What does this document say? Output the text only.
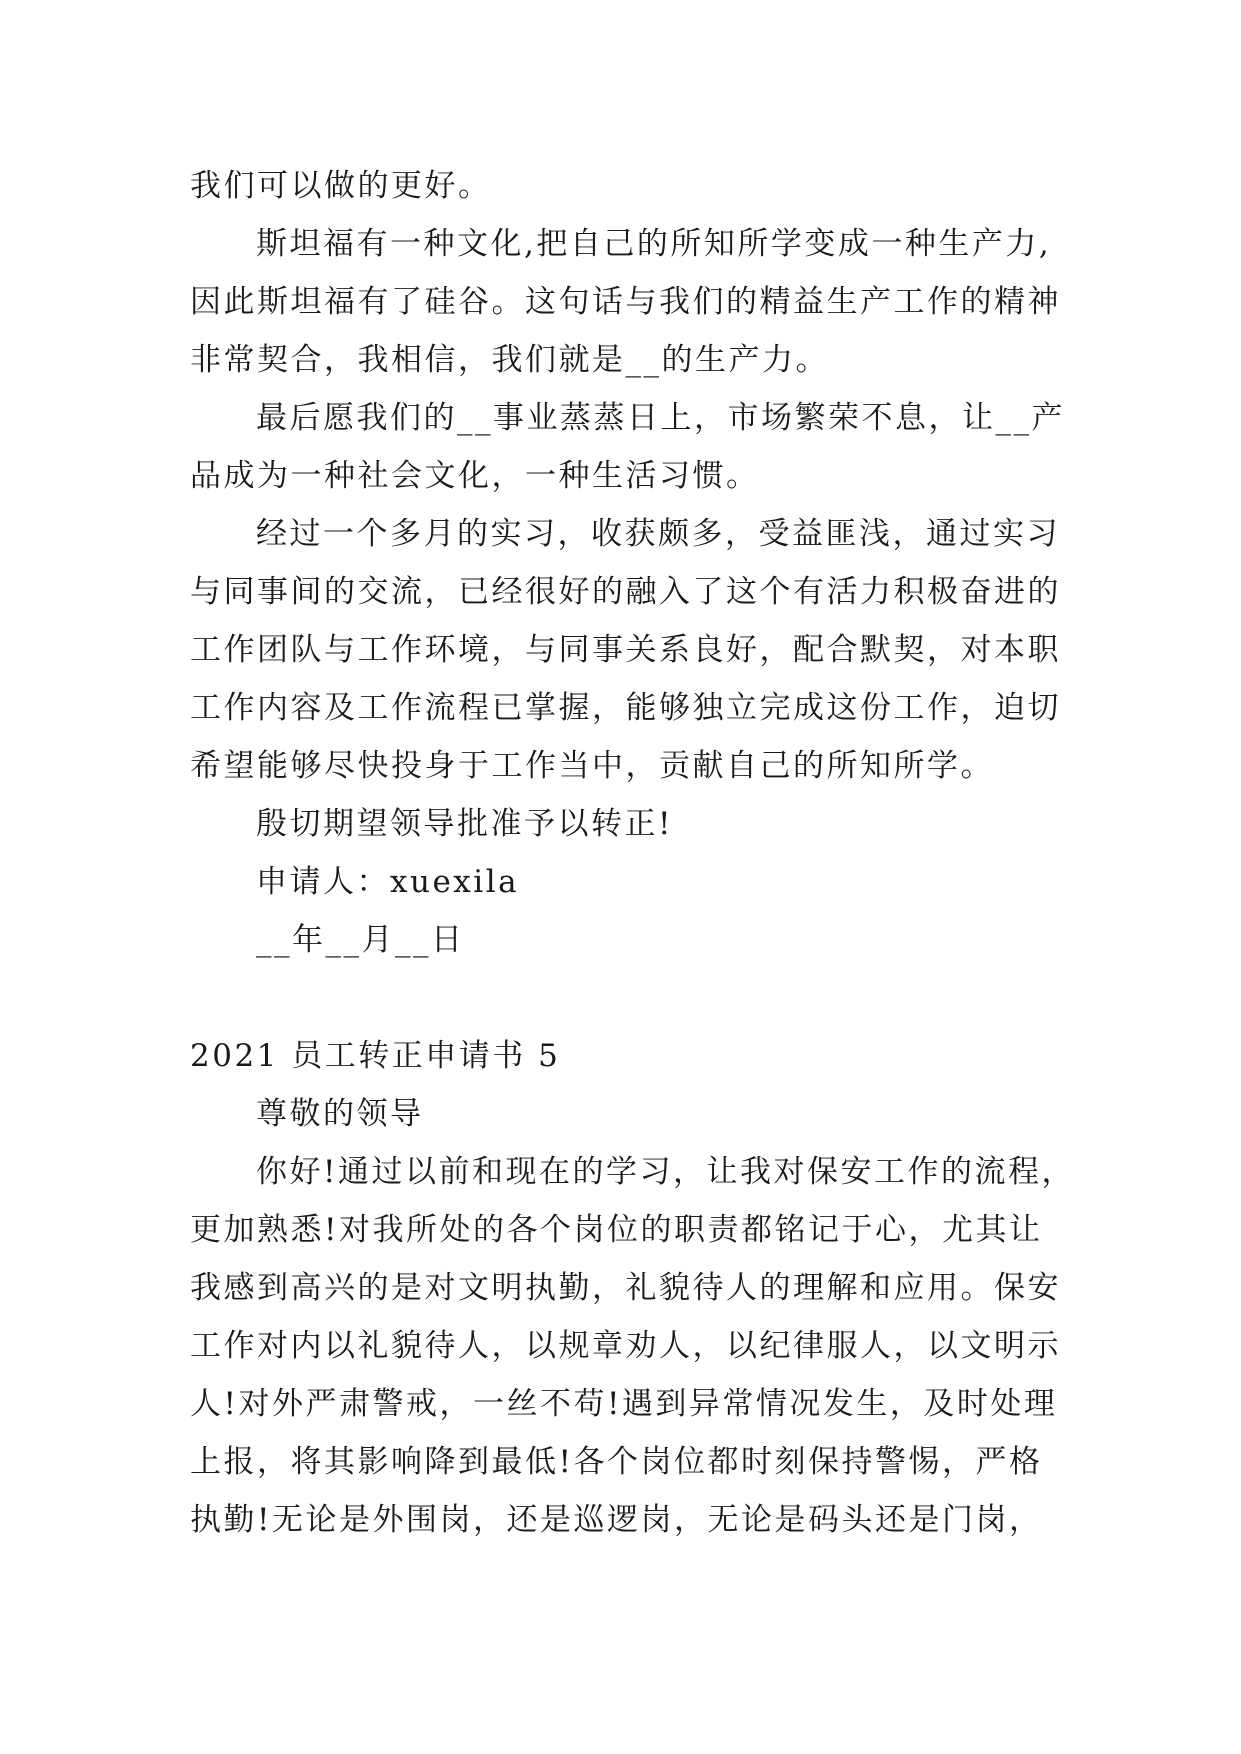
我们可以做的更好。
斯坦福有一种文化,把自己的所知所学变成一种生产力,
因此斯坦福有了硅谷。这句话与我们的精益生产工作的精神
非常契合，我相信，我们就是__的生产力。
最后愿我们的__事业蒸蒸日上，市场繁荣不息，让__产
品成为一种社会文化，一种生活习惯。
经过一个多月的实习，收获颇多，受益匪浅，通过实习
与同事间的交流，已经很好的融入了这个有活力积极奋进的
工作团队与工作环境，与同事关系良好，配合默契，对本职
工作内容及工作流程已掌握，能够独立完成这份工作，迫切
希望能够尽快投身于工作当中，贡献自己的所知所学。
殷切期望领导批准予以转正!
申请人：xuexila
__年__月__日
2021 员工转正申请书 5
尊敬的领导
你好!通过以前和现在的学习，让我对保安工作的流程，
更加熟悉!对我所处的各个岗位的职责都铭记于心，尤其让
我感到高兴的是对文明执勤，礼貌待人的理解和应用。保安
工作对内以礼貌待人，以规章劝人，以纪律服人，以文明示
人!对外严肃警戒，一丝不苟!遇到异常情况发生，及时处理
上报，将其影响降到最低!各个岗位都时刻保持警惕，严格
执勤!无论是外围岗，还是巡逻岗，无论是码头还是门岗，
